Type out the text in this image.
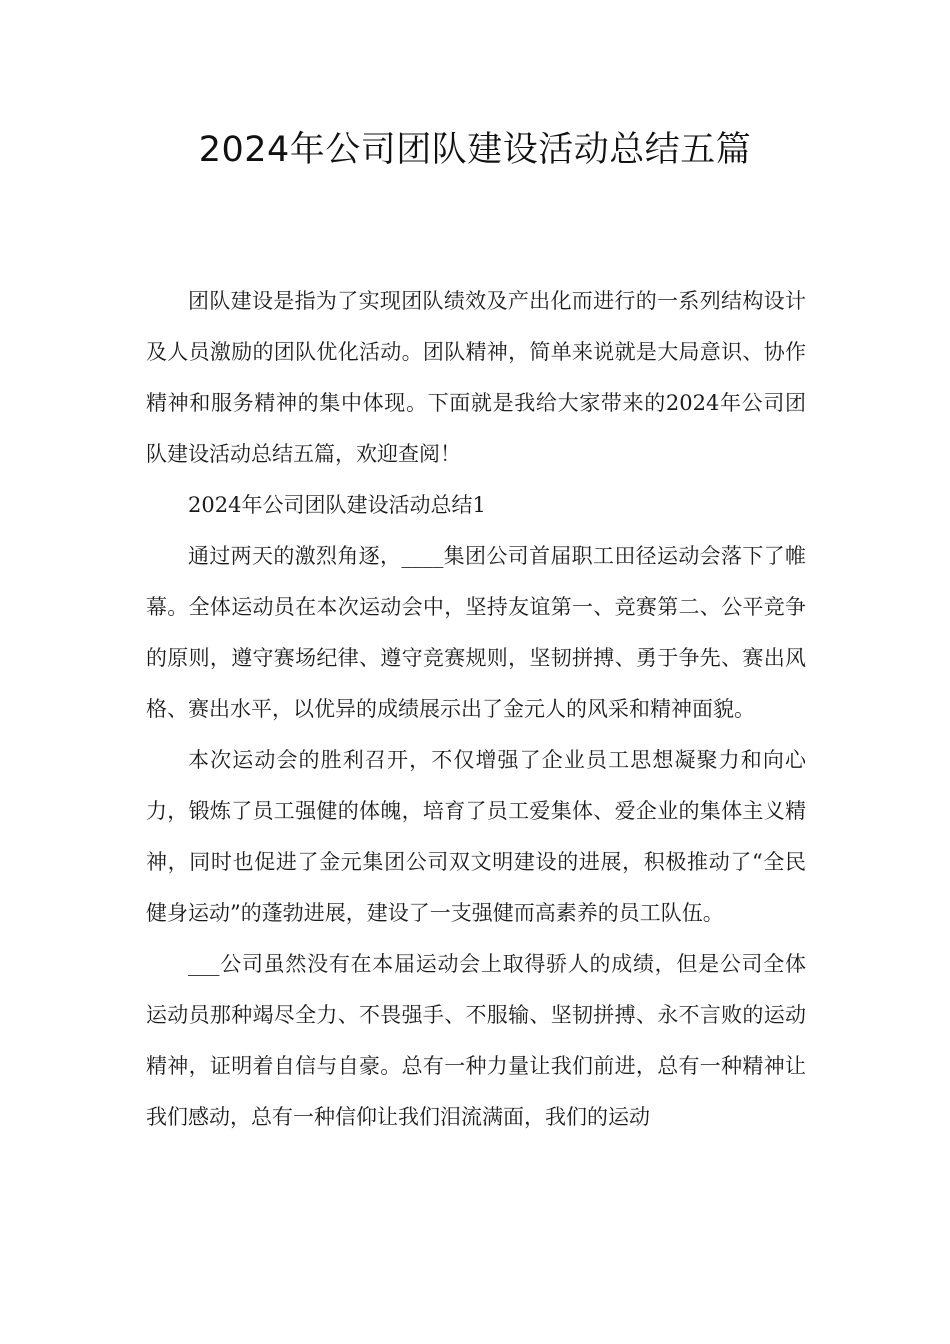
2024年公司团队建设活动总结五篇

团队建设是指为了实现团队绩效及产出化而进行的一系列结构设计及人员激励的团队优化活动。团队精神，简单来说就是大局意识、协作精神和服务精神的集中体现。下面就是我给大家带来的2024年公司团队建设活动总结五篇，欢迎查阅！

2024年公司团队建设活动总结1

通过两天的激烈角逐，____集团公司首届职工田径运动会落下了帷幕。全体运动员在本次运动会中，坚持友谊第一、竞赛第二、公平竞争的原则，遵守赛场纪律、遵守竞赛规则，坚韧拼搏、勇于争先、赛出风格、赛出水平，以优异的成绩展示出了金元人的风采和精神面貌。

本次运动会的胜利召开，不仅增强了企业员工思想凝聚力和向心力，锻炼了员工强健的体魄，培育了员工爱集体、爱企业的集体主义精神，同时也促进了金元集团公司双文明建设的进展，积极推动了“全民健身运动”的蓬勃进展，建设了一支强健而高素养的员工队伍。

___公司虽然没有在本届运动会上取得骄人的成绩，但是公司全体运动员那种竭尽全力、不畏强手、不服输、坚韧拼搏、永不言败的运动精神，证明着自信与自豪。总有一种力量让我们前进，总有一种精神让我们感动，总有一种信仰让我们泪流满面，我们的运动
